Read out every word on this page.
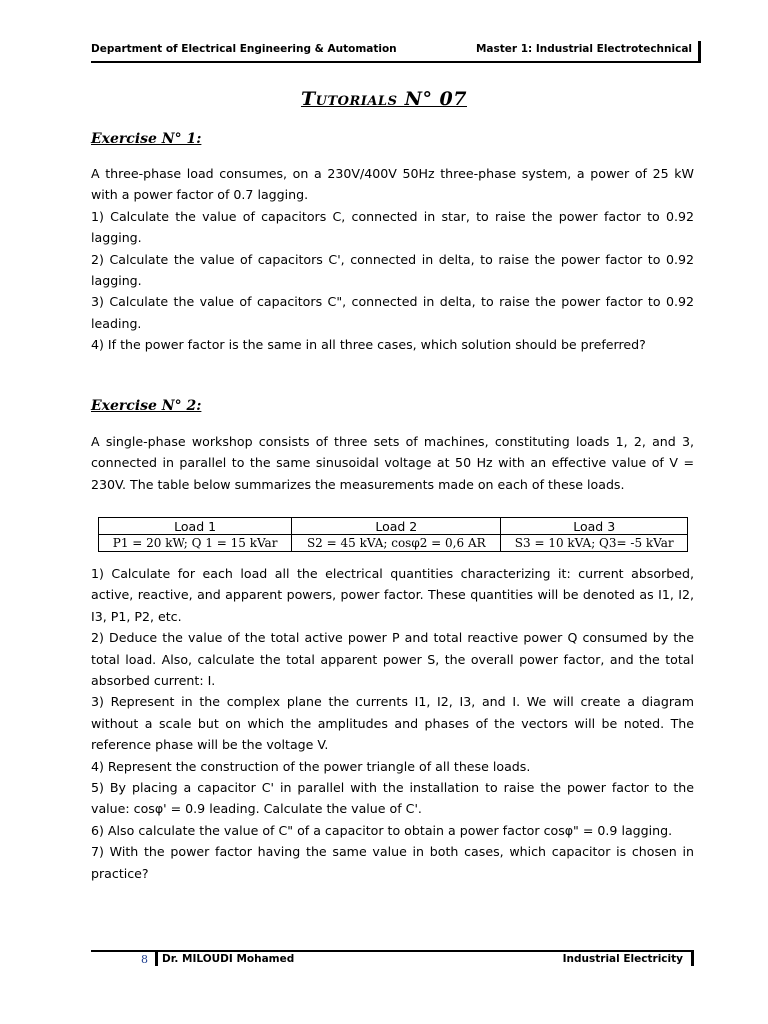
Department of Electrical Engineering & Automation	Master 1: Industrial Electrotechnical
Tutorials N° 07
Exercise N° 1:

A three-phase load consumes, on a 230V/400V 50Hz three-phase system, a power of 25 kW with a power factor of 0.7 lagging.

1) Calculate the value of capacitors C, connected in star, to raise the power factor to 0.92 lagging.

2) Calculate the value of capacitors C', connected in delta, to raise the power factor to 0.92 lagging.

3) Calculate the value of capacitors C", connected in delta, to raise the power factor to 0.92 leading.

4) If the power factor is the same in all three cases, which solution should be preferred?

Exercise N° 2:

A single-phase workshop consists of three sets of machines, constituting loads 1, 2, and 3, connected in parallel to the same sinusoidal voltage at 50 Hz with an effective value of V = 230V. The table below summarizes the measurements made on each of these loads.

Load 1	Load 2	Load 3
P1 = 20 kW; Q 1 = 15 kVar	S2 = 45 kVA; cosφ2 = 0,6 AR	S3 = 10 kVA; Q3= -5 kVar

1) Calculate for each load all the electrical quantities characterizing it: current absorbed, active, reactive, and apparent powers, power factor. These quantities will be denoted as I1, I2, I3, P1, P2, etc.

2) Deduce the value of the total active power P and total reactive power Q consumed by the total load. Also, calculate the total apparent power S, the overall power factor, and the total absorbed current: I.

3) Represent in the complex plane the currents I1, I2, I3, and I. We will create a diagram without a scale but on which the amplitudes and phases of the vectors will be noted. The reference phase will be the voltage V.

4) Represent the construction of the power triangle of all these loads.

5) By placing a capacitor C' in parallel with the installation to raise the power factor to the value: cosφ' = 0.9 leading. Calculate the value of C'.

6) Also calculate the value of C" of a capacitor to obtain a power factor cosφ" = 0.9 lagging.

7) With the power factor having the same value in both cases, which capacitor is chosen in practice?

8 Dr. MILOUDI Mohamed	Industrial Electricity
